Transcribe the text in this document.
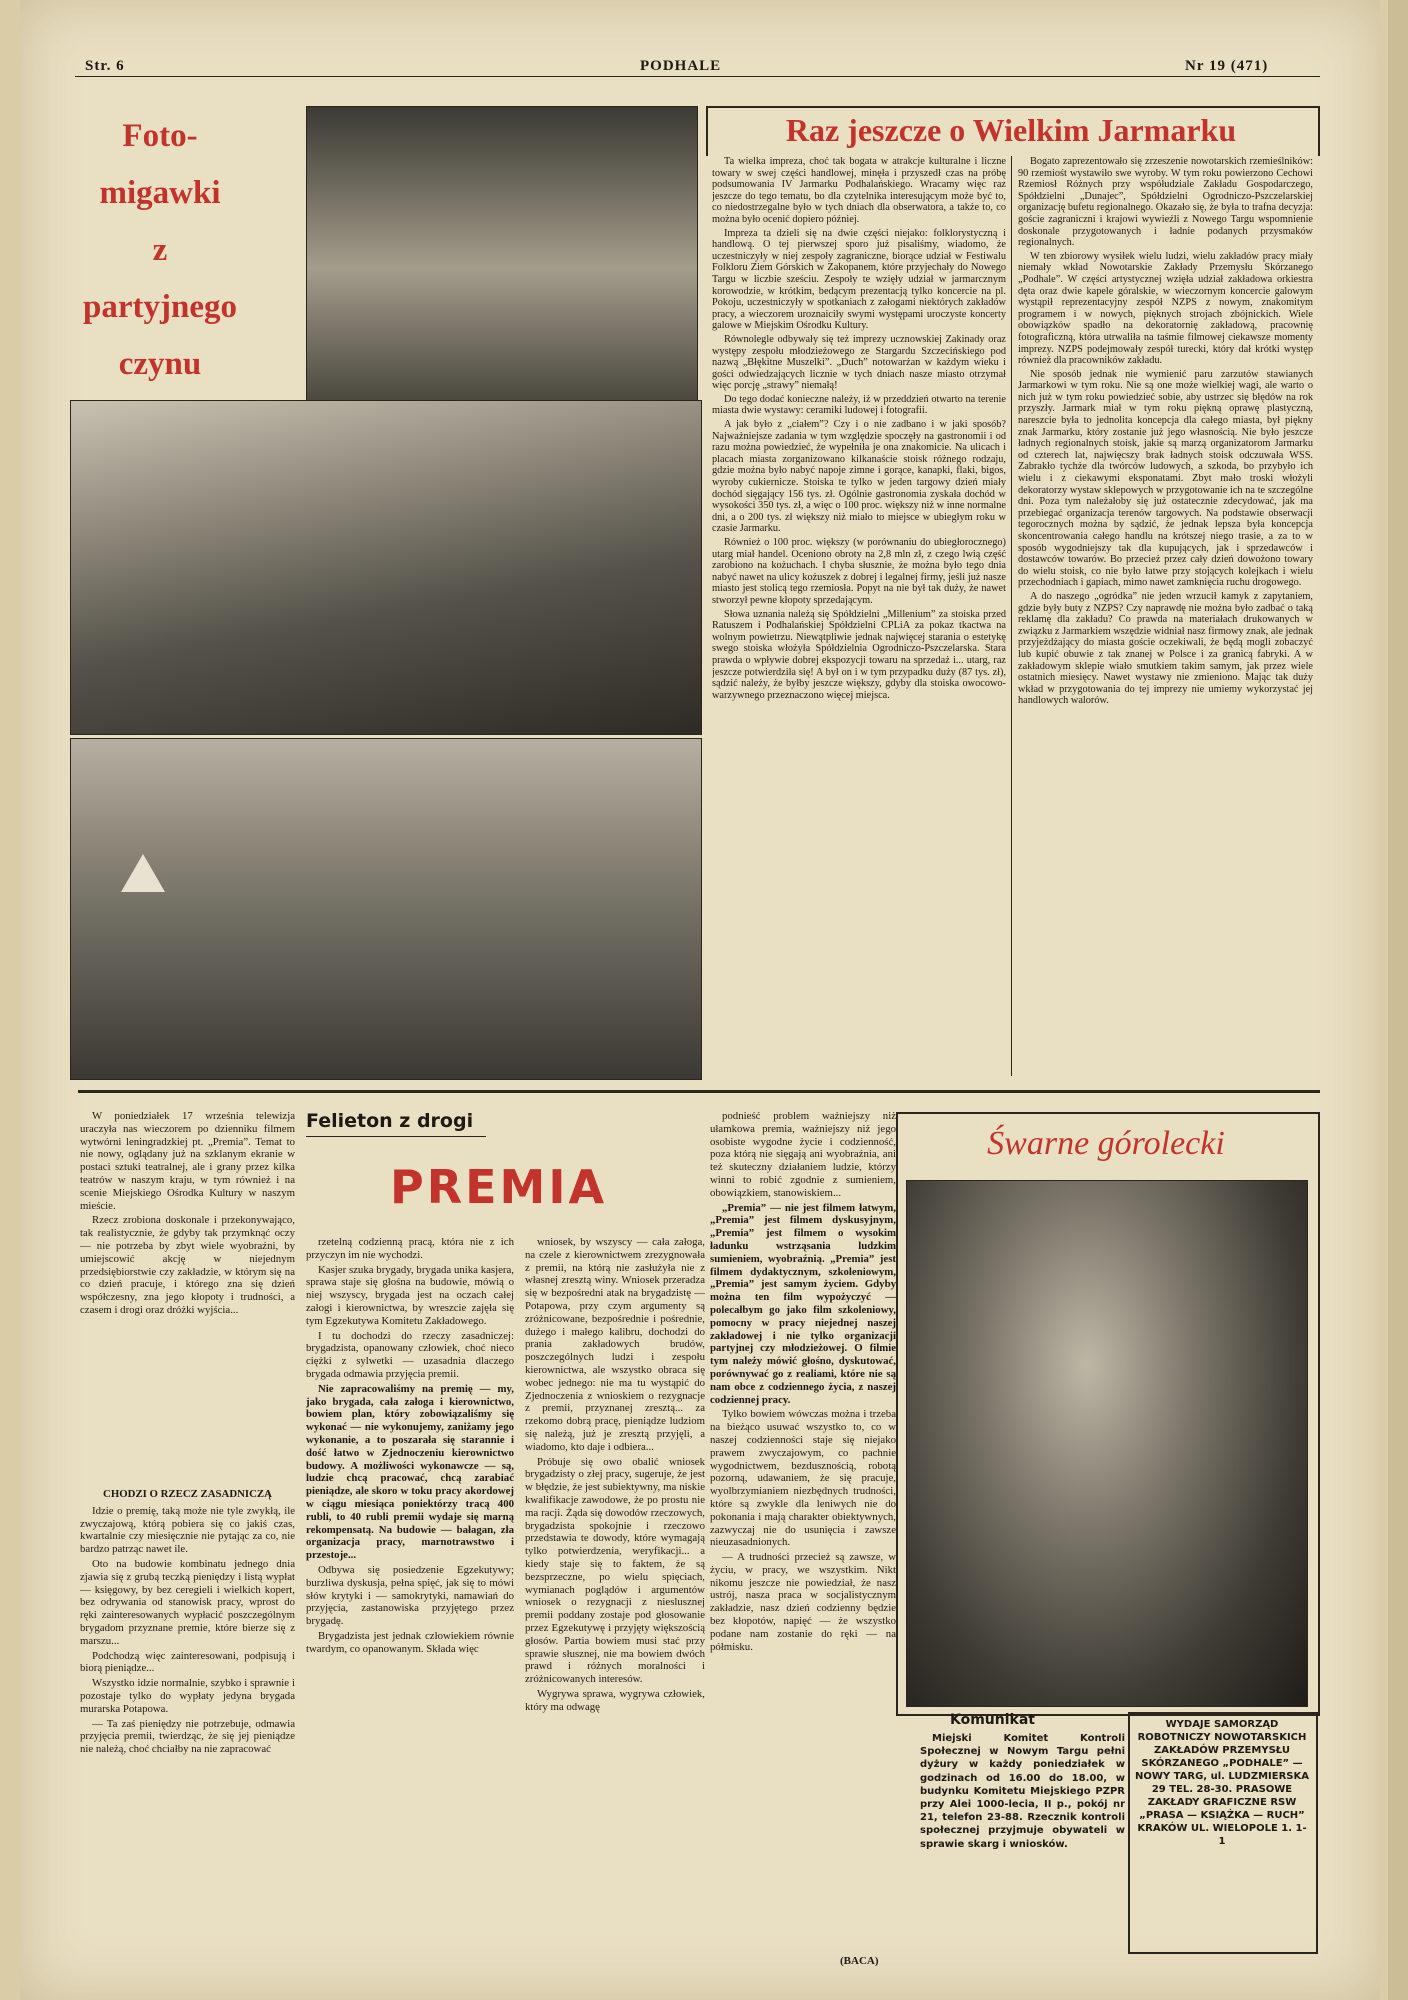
Str. 6	PODHALE	Nr 19 (471)
Foto-
migawki
z
partyjnego
czynu
Raz jeszcze o Wielkim Jarmarku

Ta wielka impreza, choć tak bogata w atrakcje kulturalne i liczne towary w swej części handlowej, minęła i przyszedł czas na próbę podsumowania IV Jarmarku Podhalańskiego. Wracamy więc raz jeszcze do tego tematu, bo dla czytelnika interesującym może być to, co niedostrzegalne było w tych dniach dla obserwatora, a także to, co można było ocenić dopiero później.

Impreza ta dzieli się na dwie części niejako: folklorystyczną i handlową. O tej pierwszej sporo już pisaliśmy, wiadomo, że uczestniczyły w niej zespoły zagraniczne, biorące udział w Festiwalu Folkloru Ziem Górskich w Zakopanem, które przyjechały do Nowego Targu w liczbie sześciu. Zespoły te wzięły udział w jarmarcznym korowodzie, w krótkim, bedącym prezentacją tylko koncercie na pl. Pokoju, uczestniczyły w spotkaniach z załogami niektórych zakładów pracy, a wieczorem uroznaiciły swymi występami uroczyste koncerty galowe w Miejskim Ośrodku Kultury.

Równolegle odbywały się też imprezy ucznowskiej Zakinady oraz występy zespołu młodzieżowego ze Stargardu Szczecińskiego pod nazwą „Błękitne Muszelki”. „Duch” notowarżan w każdym wieku i gości odwiedzających licznie w tych dniach nasze miasto otrzymał więc porcję „strawy” niemałą!

Do tego dodać konieczne należy, iż w przeddzień otwarto na terenie miasta dwie wystawy: ceramiki ludowej i fotografii.

A jak było z „ciałem”? Czy i o nie zadbano i w jaki sposób? Najważniejsze zadania w tym względzie spoczęły na gastronomii i od razu można powiedzieć, że wypełniła je ona znakomicie. Na ulicach i placach miasta zorganizowano kilkanaście stoisk różnego rodzaju, gdzie można było nabyć napoje zimne i gorące, kanapki, flaki, bigos, wyroby cukiernicze. Stoiska te tylko w jeden targowy dzień miały dochód sięgający 156 tys. zł. Ogólnie gastronomia zyskała dochód w wysokości 350 tys. zł, a więc o 100 proc. większy niż w inne normalne dni, a o 200 tys. zł większy niż miało to miejsce w ubiegłym roku w czasie Jarmarku.

Również o 100 proc. większy (w porównaniu do ubiegłorocznego) utarg miał handel. Oceniono obroty na 2,8 mln zł, z czego lwią część zarobiono na kożuchach. I chyba słusznie, że można było tego dnia nabyć nawet na ulicy kożuszek z dobrej i legalnej firmy, jeśli już nasze miasto jest stolicą tego rzemiosła. Popyt na nie był tak duży, że nawet stworzył pewne kłopoty sprzedającym.

Słowa uznania należą się Spółdzielni „Millenium” za stoiska przed Ratuszem i Podhalańskiej Spółdzielni CPLiA za pokaz tkactwa na wolnym powietrzu. Niewątpliwie jednak najwięcej starania o estetykę swego stoiska włożyła Spółdzielnia Ogrodniczo-Pszczelarska. Stara prawda o wpływie dobrej ekspozycji towaru na sprzedaż i... utarg, raz jeszcze potwierdziła się! A był on i w tym przypadku duży (87 tys. zł), sądzić należy, że byłby jeszcze większy, gdyby dla stoiska owocowo-warzywnego przeznaczono więcej miejsca.

Bogato zaprezentowało się zrzeszenie nowotarskich rzemieślników: 90 rzemiośt wystawiło swe wyroby. W tym roku powierzono Cechowi Rzemiosł Różnych przy współudziale Zakładu Gospodarczego, Spółdzielni „Dunajec”, Spółdzielni Ogrodniczo-Pszczelarskiej organizację bufetu regionalnego. Okazało się, że była to trafna decyzja: goście zagraniczni i krajowi wywieźli z Nowego Targu wspomnienie doskonale przygotowanych i ładnie podanych przysmaków regionalnych.

W ten zbiorowy wysiłek wielu ludzi, wielu zakładów pracy miały niemały wkład Nowotarskie Zakłady Przemysłu Skórzanego „Podhale”. W części artystycznej wzięła udział zakładowa orkiestra dęta oraz dwie kapele góralskie, w wieczornym koncercie galowym wystąpił reprezentacyjny zespół NZPS z nowym, znakomitym programem i w nowych, pięknych strojach zbójnickich. Wiele obowiązków spadło na dekoratornię zakładową, pracownię fotograficzną, która utrwaliła na taśmie filmowej ciekawsze momenty imprezy. NZPS podejmowały zespół turecki, który dał krótki występ również dla pracowników zakładu.

Nie sposób jednak nie wymienić paru zarzutów stawianych Jarmarkowi w tym roku. Nie są one może wielkiej wagi, ale warto o nich już w tym roku powiedzieć sobie, aby ustrzec się błędów na rok przyszły. Jarmark miał w tym roku piękną oprawę plastyczną, nareszcie była to jednolita koncepcja dla całego miasta, był piękny znak Jarmarku, który zostanie już jego własnością. Nie było jeszcze ładnych regionalnych stoisk, jakie są marzą organizatorom Jarmarku od czterech lat, najwięcszy brak ładnych stoisk odczuwała WSS. Zabrakło tychże dla twórców ludowych, a szkoda, bo przybyło ich wielu i z ciekawymi eksponatami. Zbyt mało troski włożyli dekoratorzy wystaw sklepowych w przygotowanie ich na te szczególne dni. Poza tym należałoby się już ostatecznie zdecydować, jak ma przebiegać organizacja terenów targowych. Na podstawie obserwacji tegorocznych można by sądzić, że jednak lepsza była koncepcja skoncentrowania całego handlu na krótszej niego trasie, a za to w sposób wygodniejszy tak dla kupujących, jak i sprzedawców i dostawców towarów. Bo przecież przez cały dzień dowożono towary do wielu stoisk, co nie było łatwe przy stojących kolejkach i wielu przechodniach i gapiach, mimo nawet zamknięcia ruchu drogowego.

A do naszego „ogródka” nie jeden wrzucił kamyk z zapytaniem, gdzie były buty z NZPS? Czy naprawdę nie można było zadbać o taką reklamę dla zakładu? Co prawda na materiałach drukowanych w związku z Jarmarkiem wszędzie widniał nasz firmowy znak, ale jednak przyjeżdżający do miasta goście oczekiwali, że będą mogli zobaczyć lub kupić obuwie z tak znanej w Polsce i za granicą fabryki. A w zakładowym sklepie wiało smutkiem takim samym, jak przez wiele ostatnich miesięcy. Nawet wystawy nie zmieniono. Mając tak duży wkład w przygotowania do tej imprezy nie umiemy wykorzystać jej handlowych walorów.

W poniedziałek 17 września telewizja uraczyła nas wieczorem po dzienniku filmem wytwórni leningradzkiej pt. „Premia”. Temat to nie nowy, oglądany już na szklanym ekranie w postaci sztuki teatralnej, ale i grany przez kilka teatrów w naszym kraju, w tym również i na scenie Miejskiego Ośrodka Kultury w naszym mieście.

Rzecz zrobiona doskonale i przekonywająco, tak realistycznie, że gdyby tak przymknąć oczy — nie potrzeba by zbyt wiele wyobraźni, by umiejscowić akcję w niejednym przedsiębiorstwie czy zakładzie, w którym się na co dzień pracuje, i którego zna się dzień współczesny, zna jego kłopoty i trudności, a czasem i drogi oraz dróżki wyjścia...

CHODZI O RZECZ ZASADNICZĄ

Idzie o premię, taką może nie tyle zwykłą, ile zwyczajową, którą pobiera się co jakiś czas, kwartalnie czy miesięcznie nie pytając za co, nie bardzo patrząc nawet ile.

Oto na budowie kombinatu jednego dnia zjawia się z grubą teczką pieniędzy i listą wypłat — księgowy, by bez ceregieli i wielkich kopert, bez odrywania od stanowisk pracy, wprost do ręki zainteresowanych wypłacić poszczególnym brygadom przyznane premie, które bierze się z marszu...

Podchodzą więc zainteresowani, podpisują i biorą pieniądze...

Wszystko idzie normalnie, szybko i sprawnie i pozostaje tylko do wypłaty jedyna brygada murarska Potapowa.

— Ta zaś pieniędzy nie potrzebuje, odmawia przyjęcia premii, twierdząc, że się jej pieniądze nie należą, choć chciałby na nie zapracować

Felieton z drogi
PREMIA

rzetelną codzienną pracą, która nie z ich przyczyn im nie wychodzi.

Kasjer szuka brygady, brygada unika kasjera, sprawa staje się głośna na budowie, mówią o niej wszyscy, brygada jest na oczach całej załogi i kierownictwa, by wreszcie zajęła się tym Egzekutywa Komitetu Zakładowego.

I tu dochodzi do rzeczy zasadniczej: brygadzista, opanowany człowiek, choć nieco ciężki z sylwetki — uzasadnia dlaczego brygada odmawia przyjęcia premii.

Nie zapracowaliśmy na premię — my, jako brygada, cała załoga i kierownictwo, bowiem plan, który zobowiązaliśmy się wykonać — nie wykonujemy, zaniżamy jego wykonanie, a to poszarała się starannie i dość łatwo w Zjednoczeniu kierownictwo budowy. A możliwości wykonawcze — są, ludzie chcą pracować, chcą zarabiać pieniądze, ale skoro w toku pracy akordowej w ciągu miesiąca poniektórzy tracą 400 rubli, to 40 rubli premii wydaje się marną rekompensatą. Na budowie — bałagan, zła organizacja pracy, marnotrawstwo i przestoje...

Odbywa się posiedzenie Egzekutywy; burzliwa dyskusja, pełna spięć, jak się to mówi słów krytyki i — samokrytyki, namawiań do przyjęcia, zastanowiska przyjętego przez brygadę.

Brygadzista jest jednak człowiekiem równie twardym, co opanowanym. Składa więc

wniosek, by wszyscy — cała załoga, na czele z kierownictwem zrezygnowała z premii, na którą nie zasłużyła nie z własnej zresztą winy. Wniosek przeradza się w bezpośredni atak na brygadzistę — Potapowa, przy czym argumenty są zróżnicowane, bezpośrednie i pośrednie, dużego i małego kalibru, dochodzi do prania zakładowych brudów, poszczególnych ludzi i zespołu kierownictwa, ale wszystko obraca się wobec jednego: nie ma tu wystąpić do Zjednoczenia z wnioskiem o rezygnacje z premii, przyznanej zresztą... za rzekomo dobrą pracę, pieniądze ludziom się należą, już je zresztą przyjęli, a wiadomo, kto daje i odbiera...

Próbuje się owo obalić wniosek brygadzisty o złej pracy, sugeruje, że jest w błędzie, że jest subiektywny, ma niskie kwalifikacje zawodowe, że po prostu nie ma racji. Żąda się dowodów rzeczowych, brygadzista spokojnie i rzeczowo przedstawia te dowody, które wymagają tylko potwierdzenia, weryfikacji... a kiedy staje się to faktem, że są bezsprzeczne, po wielu spięciach, wymianach poglądów i argumentów wniosek o rezygnacji z nieslusznej premii poddany zostaje pod głosowanie przez Egzekutywę i przyjęty większością głosów. Partia bowiem musi stać przy sprawie słusznej, nie ma bowiem dwóch prawd i różnych moralności i zróżnicowanych interesów.

Wygrywa sprawa, wygrywa człowiek, który ma odwagę

podnieść problem ważniejszy niż ułamkowa premia, ważniejszy niż jego osobiste wygodne życie i codzienność, poza którą nie sięgają ani wyobraźnia, ani też skuteczny działaniem ludzie, którzy winni to robić zgodnie z sumieniem, obowiązkiem, stanowiskiem...

„Premia” — nie jest filmem łatwym, „Premia” jest filmem dyskusyjnym, „Premia” jest filmem o wysokim ładunku wstrząsania ludzkim sumieniem, wyobraźnią. „Premia” jest filmem dydaktycznym, szkoleniowym, „Premia” jest samym życiem. Gdyby można ten film wypożyczyć — polecałbym go jako film szkoleniowy, pomocny w pracy niejednej naszej zakładowej i nie tylko organizacji partyjnej czy młodzieżowej. O filmie tym należy mówić głośno, dyskutować, porównywać go z realiami, które nie są nam obce z codziennego życia, z naszej codziennej pracy.

Tylko bowiem wówczas można i trzeba na bieżąco usuwać wszystko to, co w naszej codzienności staje się niejako prawem zwyczajowym, co pachnie wygodnictwem, bezdusznością, robotą pozorną, udawaniem, że się pracuje, wyolbrzymianiem niezbędnych trudności, które są zwykle dla leniwych nie do pokonania i mają charakter obiektywnych, zazwyczaj nie do usunięcia i zawsze nieuzasadnionych.

— A trudności przecież są zawsze, w życiu, w pracy, we wszystkim. Nikt nikomu jeszcze nie powiedział, że nasz ustrój, nasza praca w socjalistycznym zakładzie, nasz dzień codzienny będzie bez kłopotów, napięć — że wszystko podane nam zostanie do ręki — na półmisku.

(BACA)
Śwarne górolecki
Komunikat

Miejski Komitet Kontroli Społecznej w Nowym Targu pełni dyżury w każdy poniedziałek w godzinach od 16.00 do 18.00, w budynku Komitetu Miejskiego PZPR przy Alei 1000-lecia, II p., pokój nr 21, telefon 23-88. Rzecznik kontroli społecznej przyjmuje obywateli w sprawie skarg i wniosków.

WYDAJE SAMORZĄD ROBOTNICZY NOWOTARSKICH ZAKŁADÓW PRZEMYSŁU SKÓRZANEGO „PODHALE” — NOWY TARG, ul. LUDZMIERSKA 29 TEL. 28-30. PRASOWE ZAKŁADY GRAFICZNE RSW „PRASA — KSIĄŻKA — RUCH” KRAKÓW UL. WIELOPOLE 1. 1-1
